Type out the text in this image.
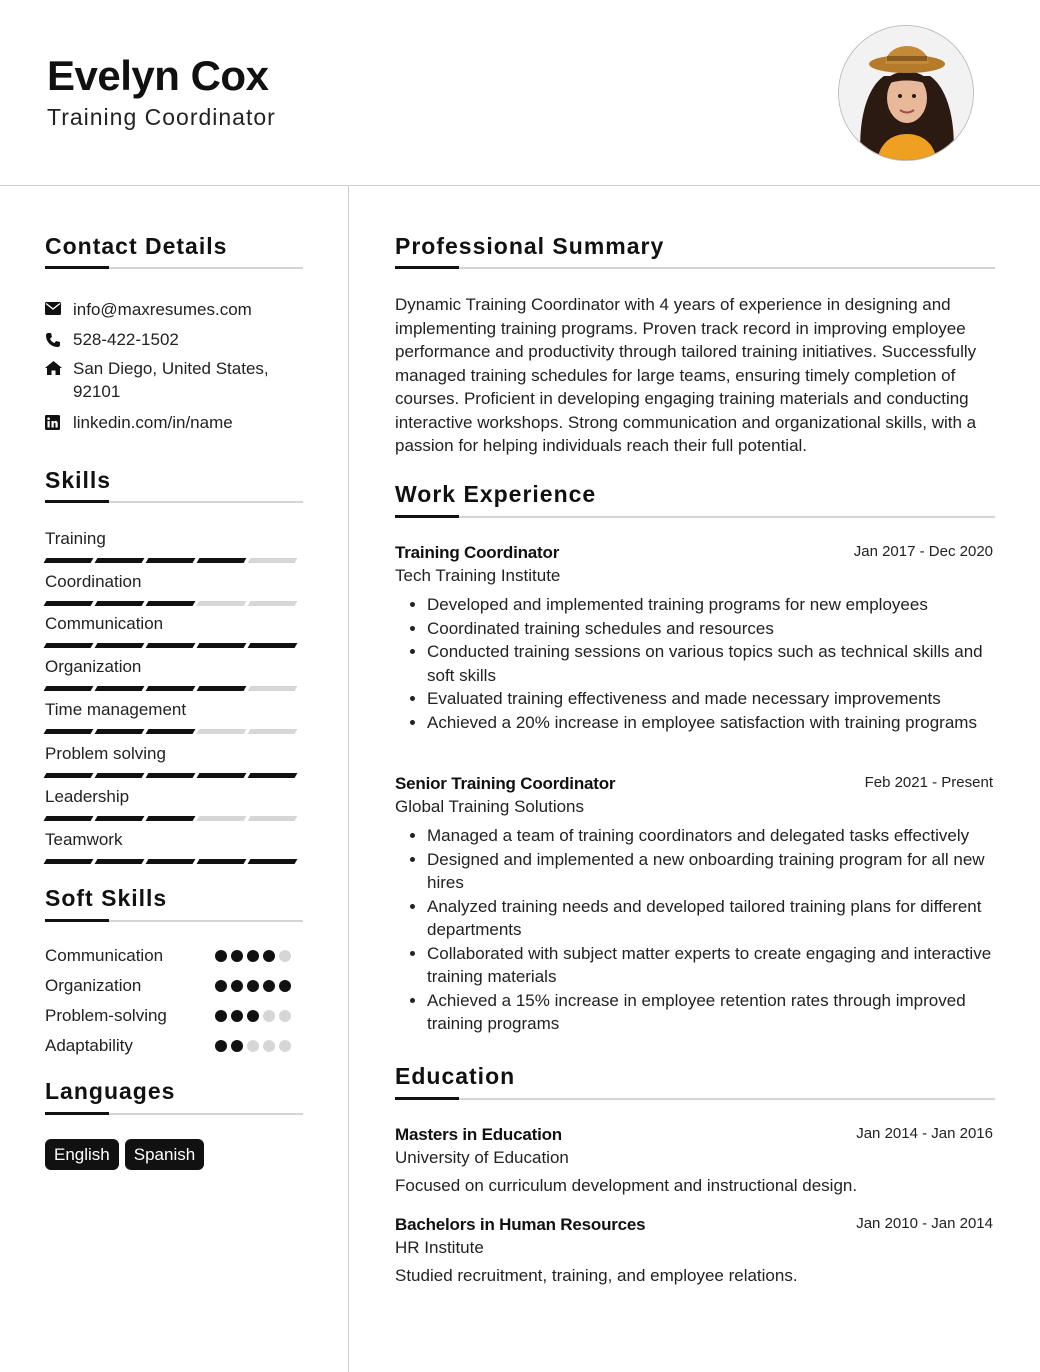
Evelyn Cox
Training Coordinator
Contact Details
info@maxresumes.com
528-422-1502
San Diego, United States, 92101
linkedin.com/in/name
Skills
Training
Coordination
Communication
Organization
Time management
Problem solving
Leadership
Teamwork
Soft Skills
Communication
Organization
Problem-solving
Adaptability
Languages
English	Spanish
Professional Summary
Dynamic Training Coordinator with 4 years of experience in designing and implementing training programs. Proven track record in improving employee performance and productivity through tailored training initiatives. Successfully managed training schedules for large teams, ensuring timely completion of courses. Proficient in developing engaging training materials and conducting interactive workshops. Strong communication and organizational skills, with a passion for helping individuals reach their full potential.
Work Experience
Training Coordinator	Jan 2017 - Dec 2020
Tech Training Institute
• Developed and implemented training programs for new employees
• Coordinated training schedules and resources
• Conducted training sessions on various topics such as technical skills and soft skills
• Evaluated training effectiveness and made necessary improvements
• Achieved a 20% increase in employee satisfaction with training programs
Senior Training Coordinator	Feb 2021 - Present
Global Training Solutions
• Managed a team of training coordinators and delegated tasks effectively
• Designed and implemented a new onboarding training program for all new hires
• Analyzed training needs and developed tailored training plans for different departments
• Collaborated with subject matter experts to create engaging and interactive training materials
• Achieved a 15% increase in employee retention rates through improved training programs
Education
Masters in Education	Jan 2014 - Jan 2016
University of Education
Focused on curriculum development and instructional design.
Bachelors in Human Resources	Jan 2010 - Jan 2014
HR Institute
Studied recruitment, training, and employee relations.
